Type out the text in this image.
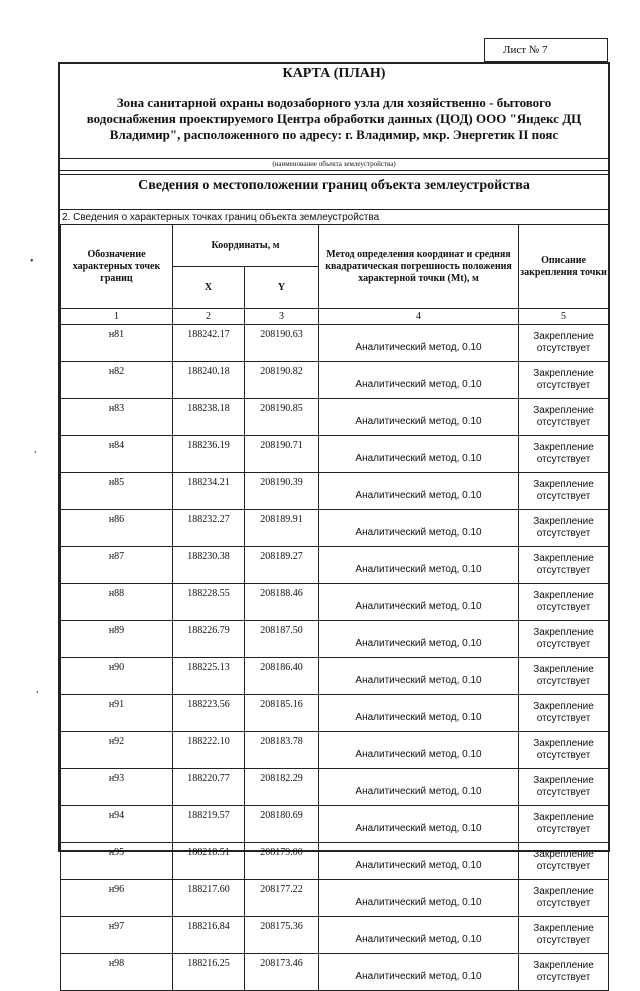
Лист № 7
КАРТА (ПЛАН)
Зона санитарной охраны водозаборного узла для хозяйственно - бытового водоснабжения проектируемого Центра обработки данных (ЦОД) ООО "Яндекс ДЦ Владимир", расположенного по адресу: г. Владимир, мкр. Энергетик II пояс
(наименование объекта землеустройства)
Сведения о местоположении границ объекта землеустройства
2. Сведения о характерных точках границ объекта землеустройства
•
,
,
Обозначение характерных точек границ	Координаты, м		Метод определения координат и средняя квадратическая погрешность положения характерной точки (Mt), м	Описание закрепления точки
	X	Y		
1	2	3	4	5
н81	188242.17	208190.63	Аналитический метод, 0.10	Закрепление отсутствует
н82	188240.18	208190.82	Аналитический метод, 0.10	Закрепление отсутствует
н83	188238.18	208190.85	Аналитический метод, 0.10	Закрепление отсутствует
н84	188236.19	208190.71	Аналитический метод, 0.10	Закрепление отсутствует
н85	188234.21	208190.39	Аналитический метод, 0.10	Закрепление отсутствует
н86	188232.27	208189.91	Аналитический метод, 0.10	Закрепление отсутствует
н87	188230.38	208189.27	Аналитический метод, 0.10	Закрепление отсутствует
н88	188228.55	208188.46	Аналитический метод, 0.10	Закрепление отсутствует
н89	188226.79	208187.50	Аналитический метод, 0.10	Закрепление отсутствует
н90	188225.13	208186.40	Аналитический метод, 0.10	Закрепление отсутствует
н91	188223.56	208185.16	Аналитический метод, 0.10	Закрепление отсутствует
н92	188222.10	208183.78	Аналитический метод, 0.10	Закрепление отсутствует
н93	188220.77	208182.29	Аналитический метод, 0.10	Закрепление отсутствует
н94	188219.57	208180.69	Аналитический метод, 0.10	Закрепление отсутствует
н95	188218.51	208179.00	Аналитический метод, 0.10	Закрепление отсутствует
н96	188217.60	208177.22	Аналитический метод, 0.10	Закрепление отсутствует
н97	188216.84	208175.36	Аналитический метод, 0.10	Закрепление отсутствует
н98	188216.25	208173.46	Аналитический метод, 0.10	Закрепление отсутствует
